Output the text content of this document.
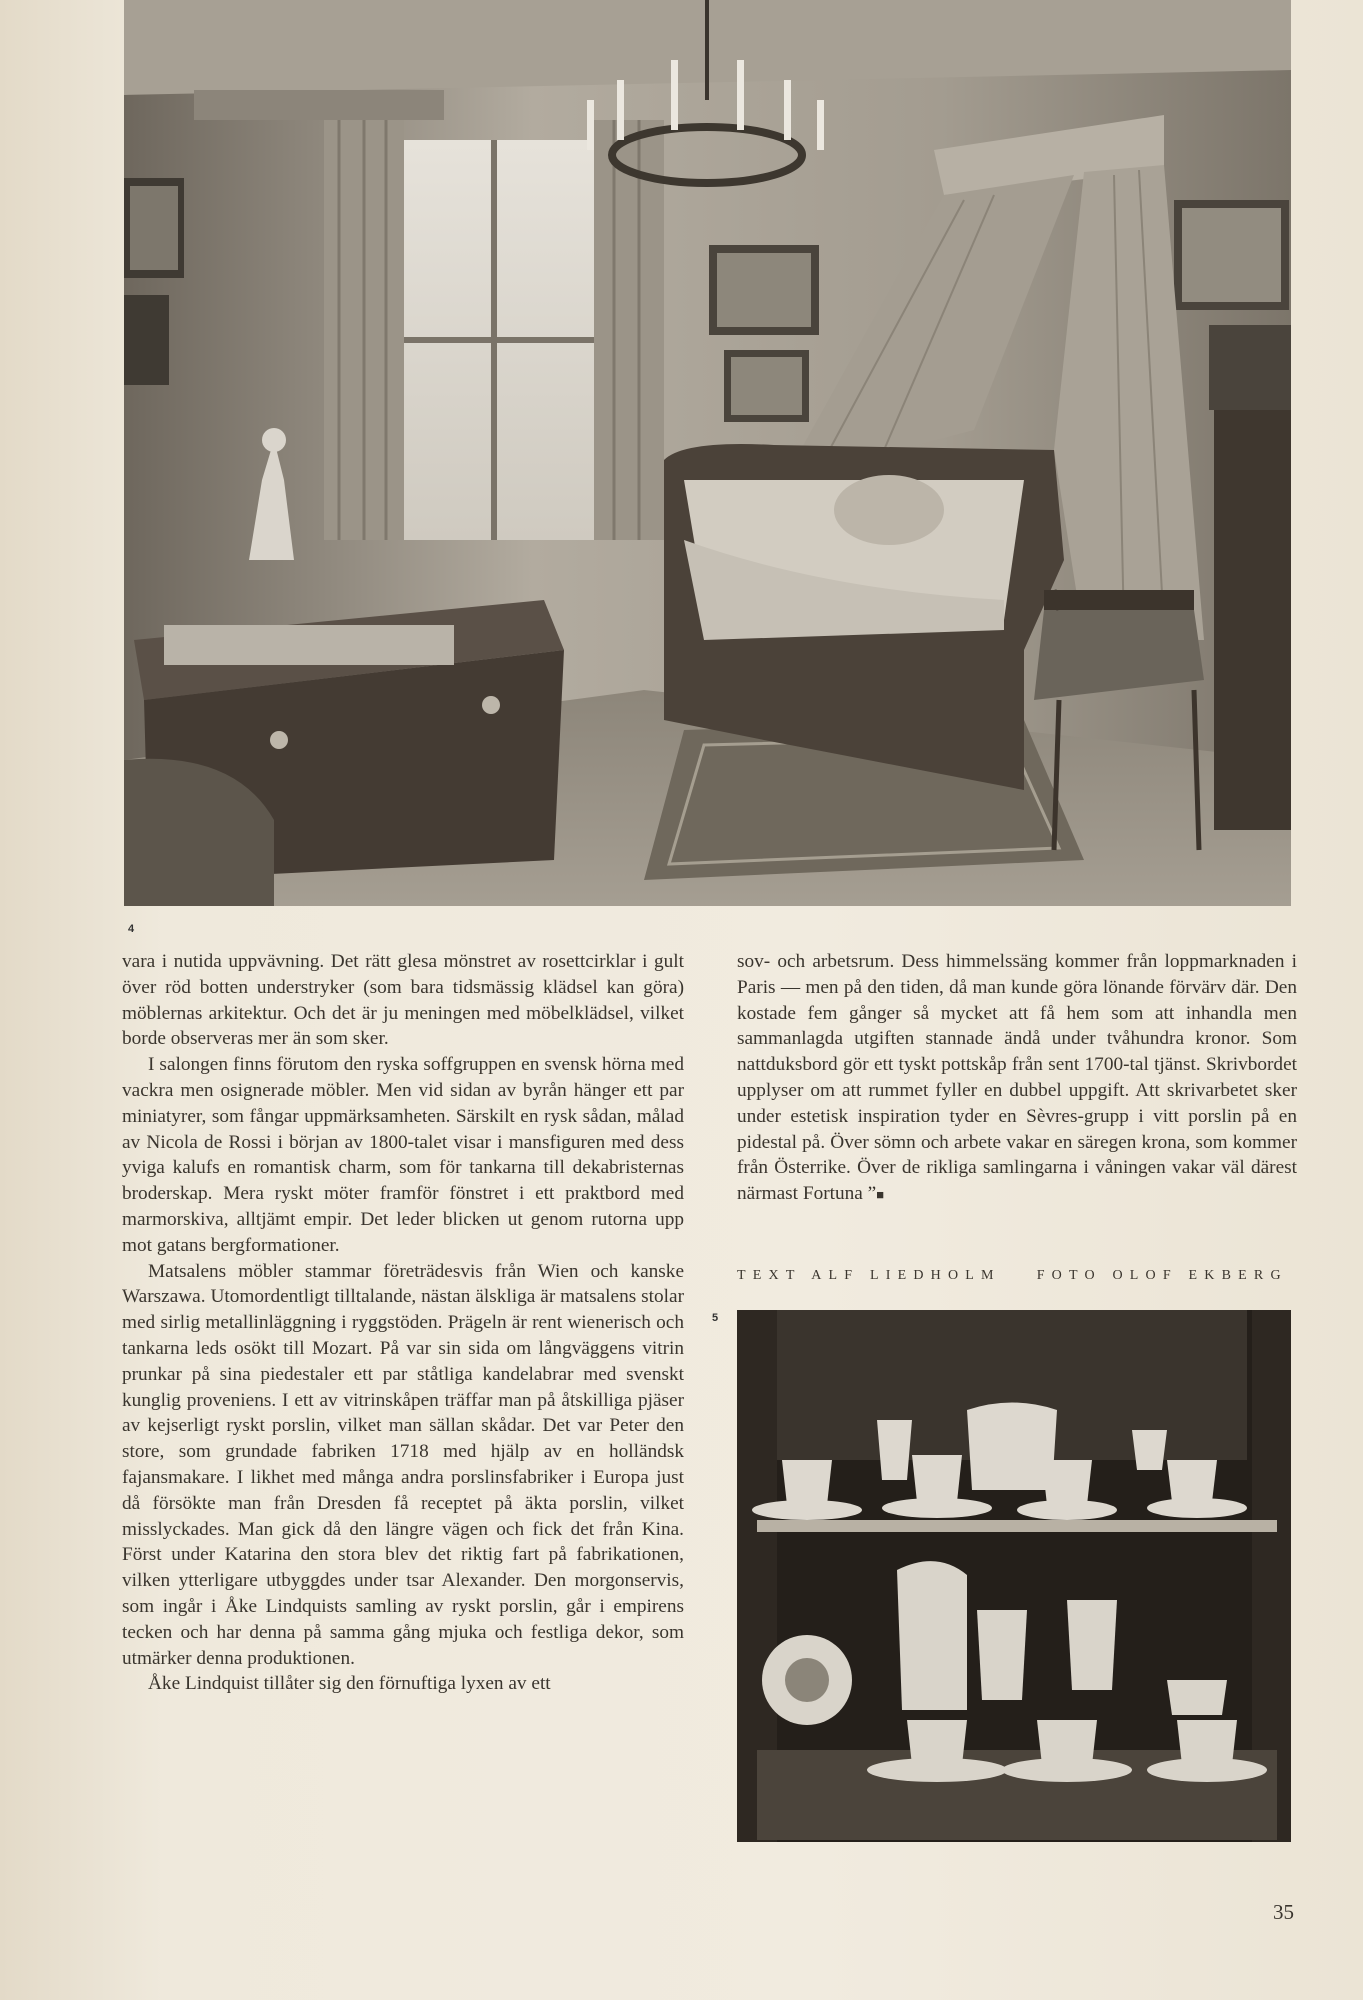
4

vara i nutida uppvävning. Det rätt glesa mönstret av rosettcirklar i gult över röd botten understryker (som bara tidsmässig klädsel kan göra) möblernas arkitektur. Och det är ju meningen med möbelklädsel, vilket borde observeras mer än som sker.

I salongen finns förutom den ryska soffgruppen en svensk hörna med vackra men osignerade möbler. Men vid sidan av byrån hänger ett par miniatyrer, som fångar uppmärksamheten. Särskilt en rysk sådan, målad av Nicola de Rossi i början av 1800-talet visar i mansfiguren med dess yviga kalufs en romantisk charm, som för tankarna till dekabristernas broderskap. Mera ryskt möter framför fönstret i ett praktbord med marmorskiva, alltjämt empir. Det leder blicken ut genom rutorna upp mot gatans bergformationer.

Matsalens möbler stammar företrädesvis från Wien och kanske Warszawa. Utomordentligt tilltalande, nästan älskliga är matsalens stolar med sirlig metallinläggning i ryggstöden. Prägeln är rent wienerisch och tankarna leds osökt till Mozart. På var sin sida om långväggens vitrin prunkar på sina piedestaler ett par ståtliga kandelabrar med svenskt kunglig proveniens. I ett av vitrinskåpen träffar man på åtskilliga pjäser av kejserligt ryskt porslin, vilket man sällan skådar. Det var Peter den store, som grundade fabriken 1718 med hjälp av en holländsk fajansmakare. I likhet med många andra porslinsfabriker i Europa just då försökte man från Dresden få receptet på äkta porslin, vilket misslyckades. Man gick då den längre vägen och fick det från Kina. Först under Katarina den stora blev det riktig fart på fabrikationen, vilken ytterligare utbyggdes under tsar Alexander. Den morgonservis, som ingår i Åke Lindquists samling av ryskt porslin, går i empirens tecken och har denna på samma gång mjuka och festliga dekor, som utmärker denna produktionen.

Åke Lindquist tillåter sig den förnuftiga lyxen av ett

sov- och arbetsrum. Dess himmelssäng kommer från loppmarknaden i Paris — men på den tiden, då man kunde göra lönande förvärv där. Den kostade fem gånger så mycket att få hem som att inhandla men sammanlagda utgiften stannade ändå under tvåhundra kronor. Som nattduksbord gör ett tyskt pottskåp från sent 1700-tal tjänst. Skrivbordet upplyser om att rummet fyller en dubbel uppgift. Att skrivarbetet sker under estetisk inspiration tyder en Sèvres-grupp i vitt porslin på en pidestal på. Över sömn och arbete vakar en säregen krona, som kommer från Österrike. Över de rikliga samlingarna i våningen vakar väl därest närmast Fortuna ”■

TEXT ALF LIEDHOLM	FOTO OLOF EKBERG
5
35
